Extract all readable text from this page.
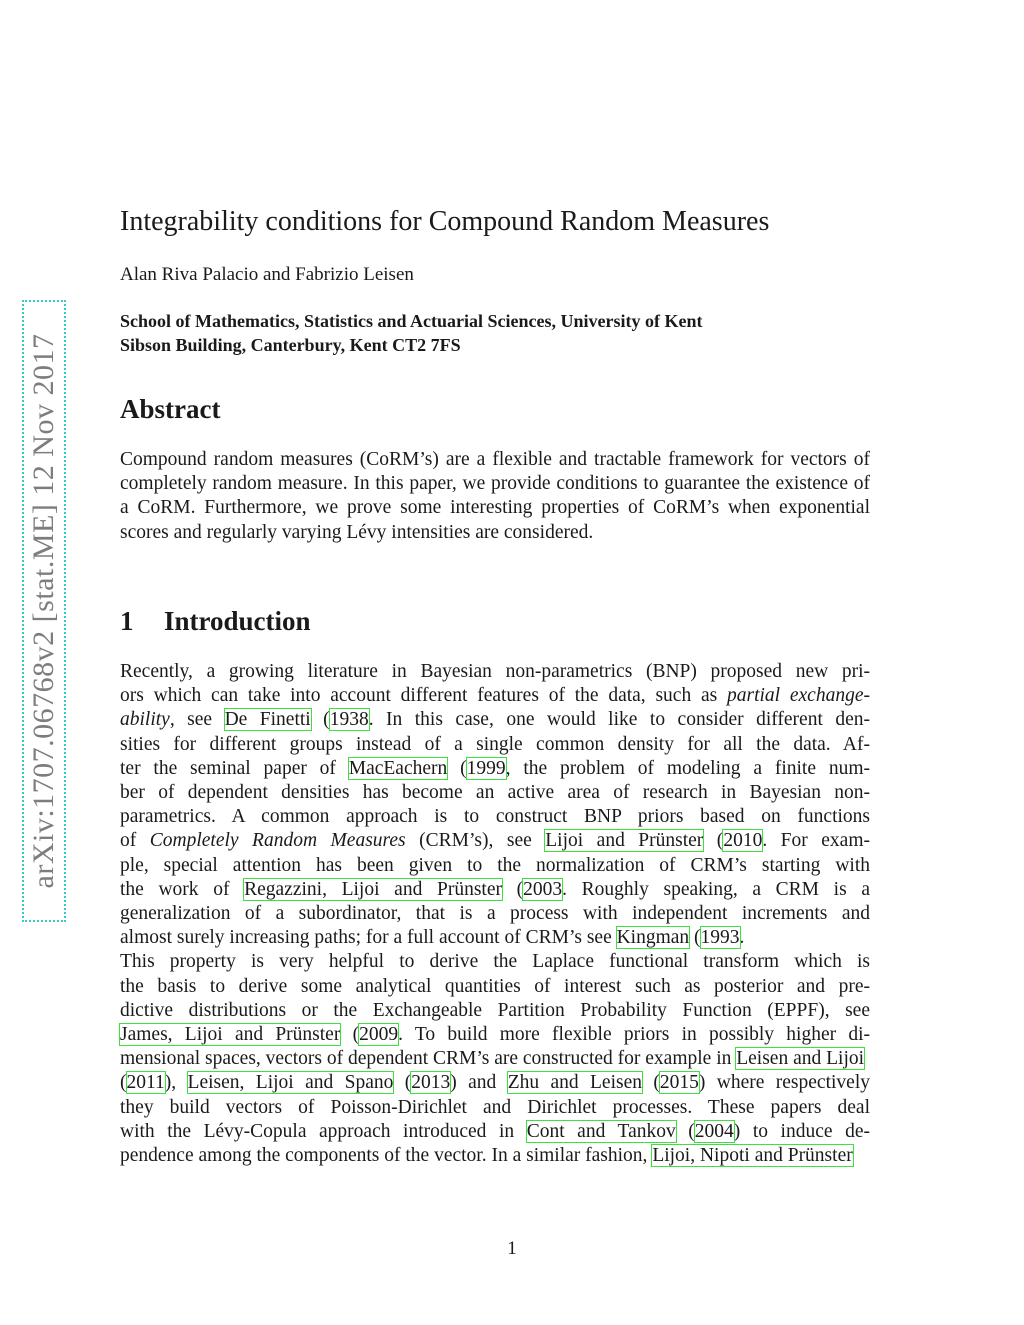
arXiv:1707.06768v2 [stat.ME] 12 Nov 2017
Integrability conditions for Compound Random Measures
Alan Riva Palacio and Fabrizio Leisen
School of Mathematics, Statistics and Actuarial Sciences, University of Kent
Sibson Building, Canterbury, Kent CT2 7FS
Abstract
Compound random measures (CoRM’s) are a flexible and tractable framework for vectors of completely random measure. In this paper, we provide conditions to guarantee the existence of a CoRM. Furthermore, we prove some interesting properties of CoRM’s when exponential scores and regularly varying Lévy intensities are considered.
1 Introduction
Recently, a growing literature in Bayesian non-parametrics (BNP) proposed new pri-
ors which can take into account different features of the data, such as partial exchange-
ability, see De Finetti (1938. In this case, one would like to consider different den-
sities for different groups instead of a single common density for all the data. Af-
ter the seminal paper of MacEachern (1999, the problem of modeling a finite num-
ber of dependent densities has become an active area of research in Bayesian non-
parametrics. A common approach is to construct BNP priors based on functions
of Completely Random Measures (CRM’s), see Lijoi and Prünster (2010. For exam-
ple, special attention has been given to the normalization of CRM’s starting with
the work of Regazzini, Lijoi and Prünster (2003. Roughly speaking, a CRM is a
generalization of a subordinator, that is a process with independent increments and
almost surely increasing paths; for a full account of CRM’s see Kingman (1993.
This property is very helpful to derive the Laplace functional transform which is
the basis to derive some analytical quantities of interest such as posterior and pre-
dictive distributions or the Exchangeable Partition Probability Function (EPPF), see
James, Lijoi and Prünster (2009. To build more flexible priors in possibly higher di-
mensional spaces, vectors of dependent CRM’s are constructed for example in Leisen and Lijoi
(2011), Leisen, Lijoi and Spano (2013) and Zhu and Leisen (2015) where respectively
they build vectors of Poisson-Dirichlet and Dirichlet processes. These papers deal
with the Lévy-Copula approach introduced in Cont and Tankov (2004) to induce de-
pendence among the components of the vector. In a similar fashion, Lijoi, Nipoti and Prünster
1
